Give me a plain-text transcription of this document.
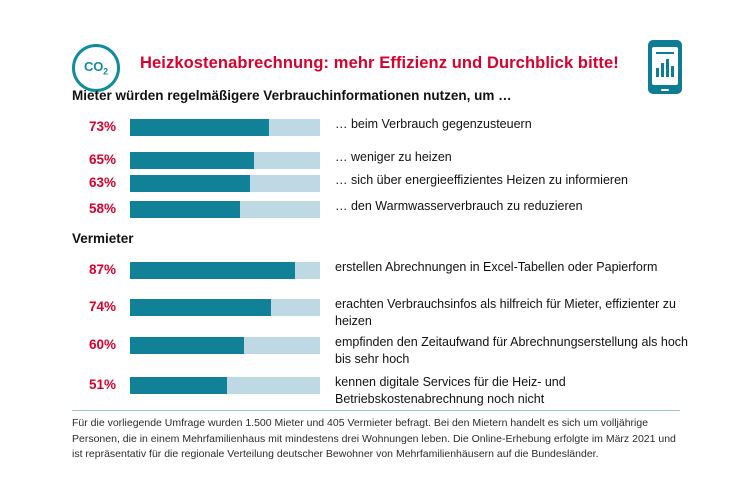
$CO_2$ Heizkostenabrechnung: mehr Effizienz und Durchblick bitte!
Mieter würden regelmäßigere Verbrauchinformationen nutzen, um …
Vermieter
73%	… beim Verbrauch gegenzusteuern
65%	… weniger zu heizen
63%	… sich über energieeffizientes Heizen zu informieren
58%	… den Warmwasserverbrauch zu reduzieren
87%	erstellen Abrechnungen in Excel-Tabellen oder Papierform
74%	erachten Verbrauchsinfos als hilfreich für Mieter, effizienter zu heizen
60%	empfinden den Zeitaufwand für Abrechnungserstellung als hoch bis sehr hoch
51%	kennen digitale Services für die Heiz- und Betriebskostenabrechnung noch nicht
Für die vorliegende Umfrage wurden 1.500 Mieter und 405 Vermieter befragt. Bei den Mietern handelt es sich um volljährige Personen, die in einem Mehrfamilienhaus mit mindestens drei Wohnungen leben. Die Online-Erhebung erfolgte im März 2021 und ist repräsentativ für die regionale Verteilung deutscher Bewohner von Mehrfamilienhäusern auf die Bundesländer.
